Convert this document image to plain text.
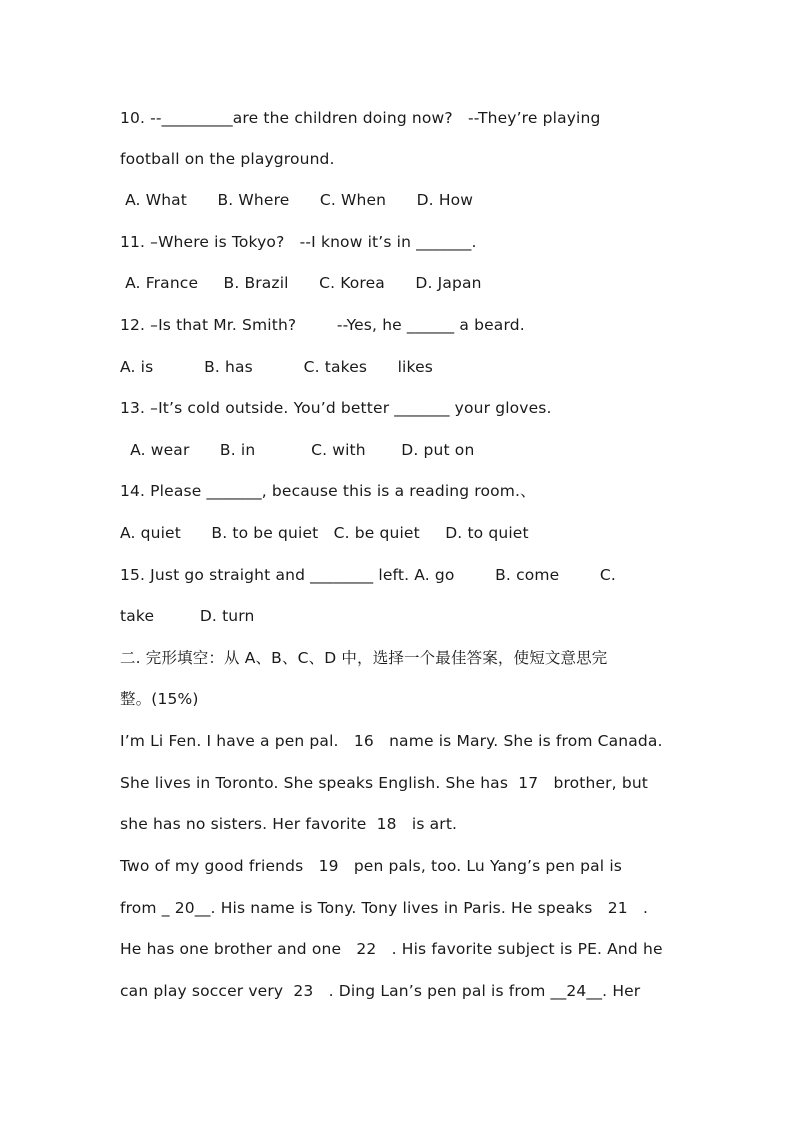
10. --_________are the children doing now?   --They’re playing
football on the playground.
A. What      B. Where      C. When      D. How
11. –Where is Tokyo?   --I know it’s in _______.
A. France     B. Brazil      C. Korea      D. Japan
12. –Is that Mr. Smith?        --Yes, he ______ a beard.
A. is          B. has          C. takes      likes
13. –It’s cold outside. You’d better _______ your gloves.
A. wear      B. in           C. with       D. put on
14. Please _______, because this is a reading room.、
A. quiet      B. to be quiet   C. be quiet     D. to quiet
15. Just go straight and ________ left. A. go        B. come        C.
take         D. turn
二. 完形填空：从 A、B、C、D 中，选择一个最佳答案，使短文意思完
整。(15%)
I’m Li Fen. I have a pen pal.   16   name is Mary. She is from Canada.
She lives in Toronto. She speaks English. She has  17   brother, but
she has no sisters. Her favorite  18   is art.
Two of my good friends   19   pen pals, too. Lu Yang’s pen pal is
from _ 20__. His name is Tony. Tony lives in Paris. He speaks   21   .
He has one brother and one   22   . His favorite subject is PE. And he
can play soccer very  23   . Ding Lan’s pen pal is from __24__. Her
